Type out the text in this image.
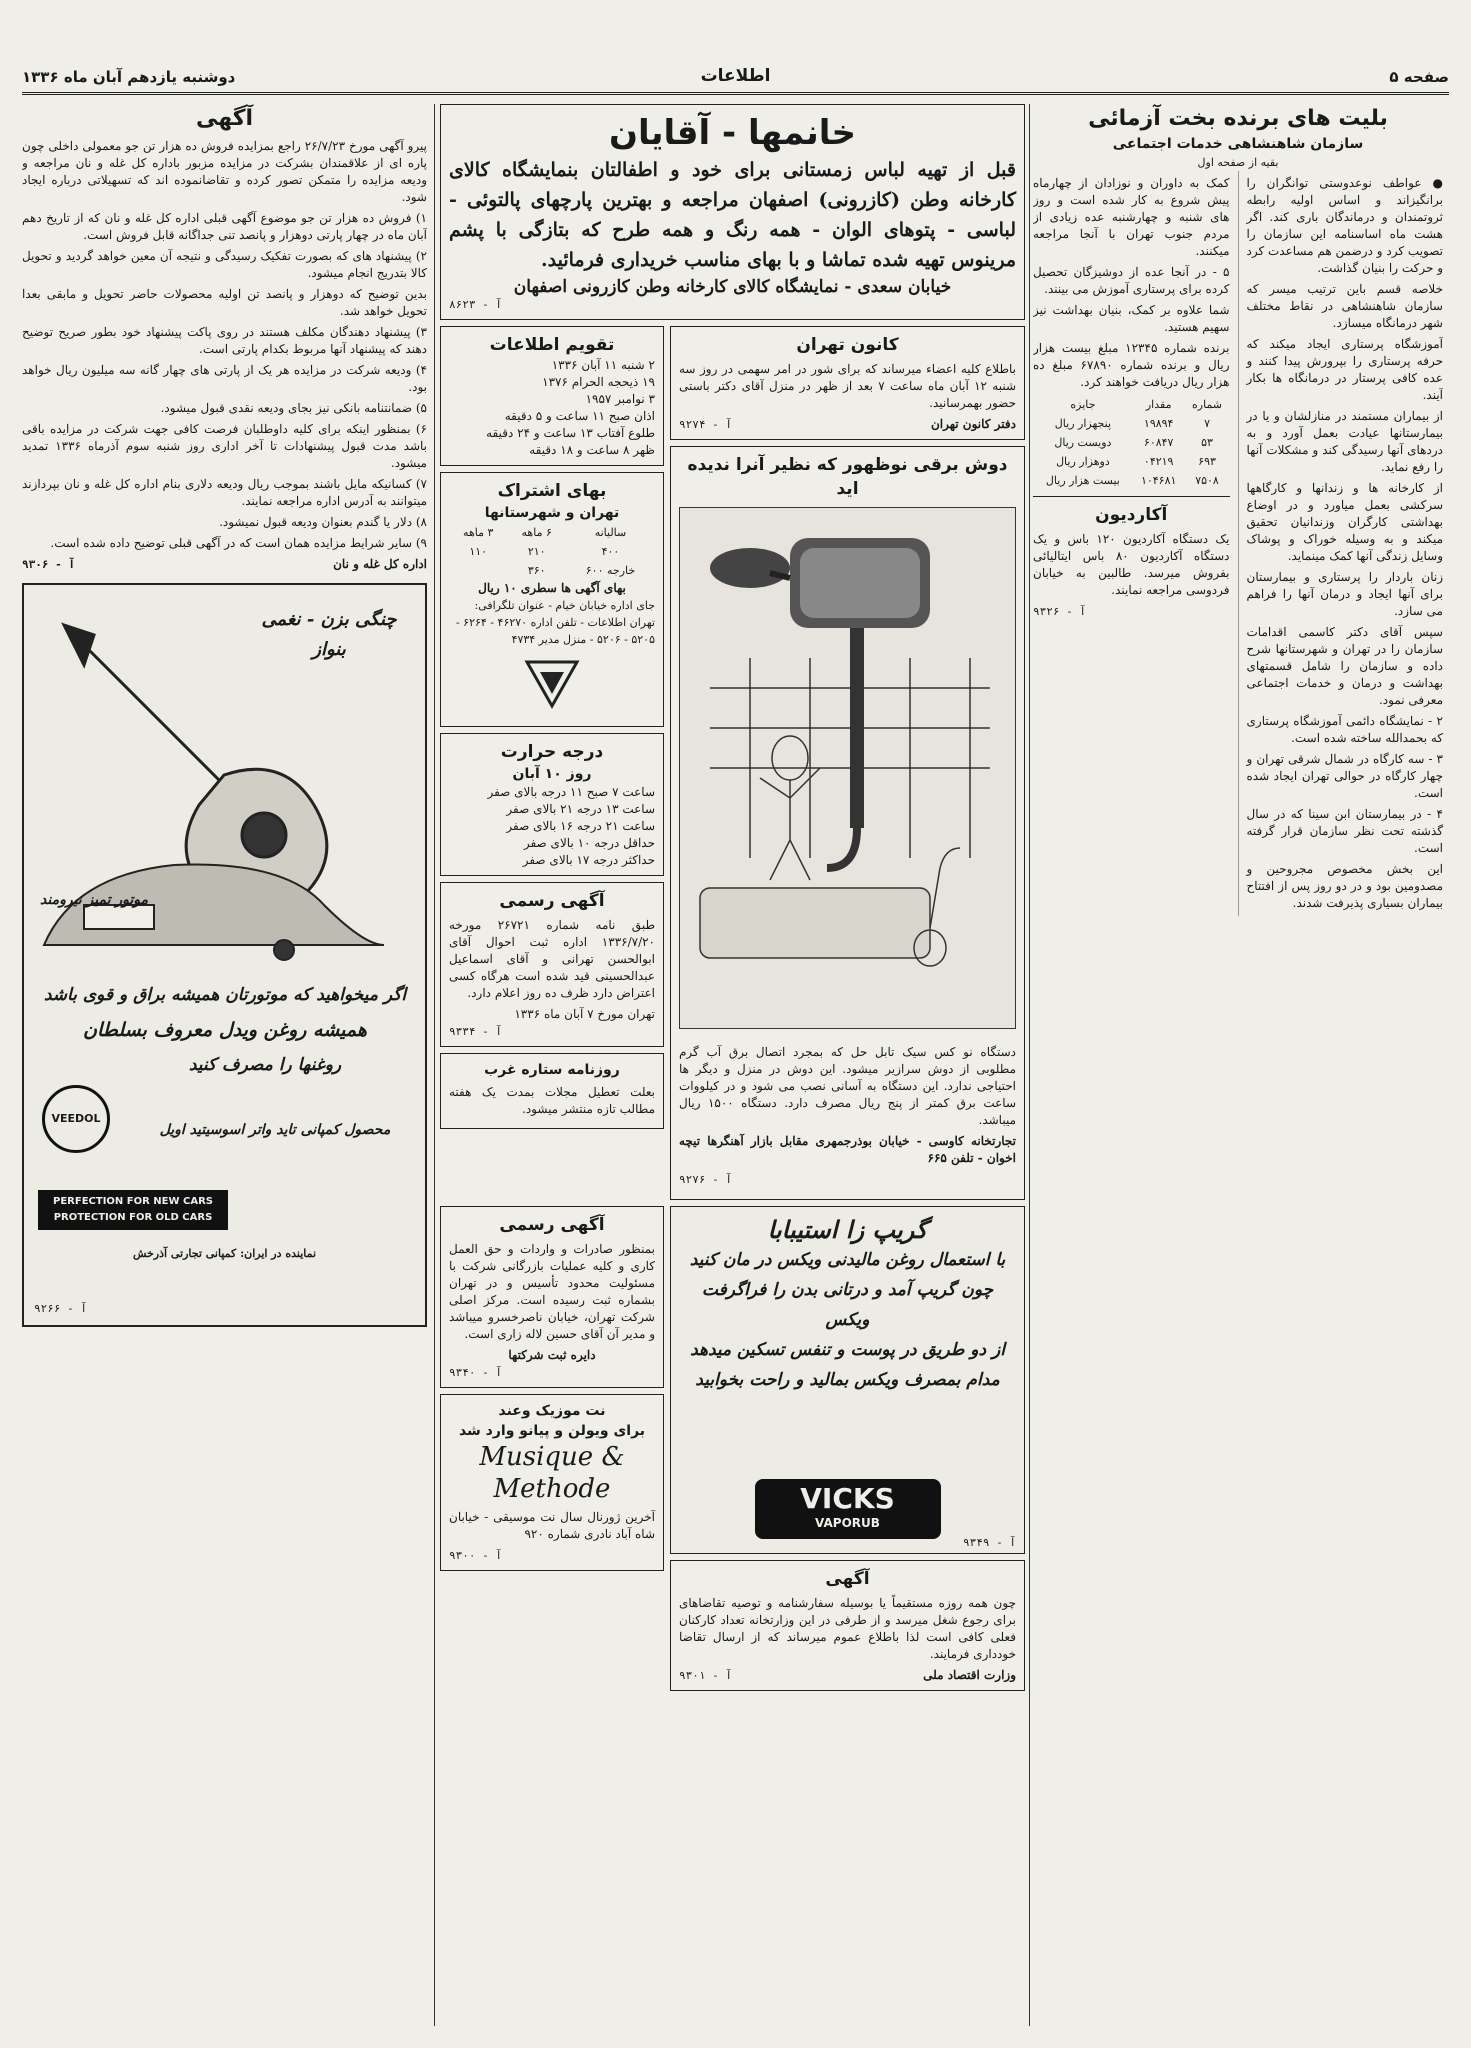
صفحه ۵
اطلاعات
دوشنبه یازدهم آبان ماه ۱۳۳۶
بلیت های برنده بخت آزمائی
سازمان شاهنشاهی خدمات اجتماعی
بقیه از صفحه اول

● عواطف نوعدوستی توانگران را برانگیزاند و اساس اولیه رابطه ثروتمندان و درماندگان باری کند. اگر هشت ماه اساسنامه این سازمان را تصویب کرد و درضمن هم مساعدت کرد و حرکت را بنیان گذاشت.

خلاصه قسم باین ترتیب میسر که سازمان شاهنشاهی در نقاط مختلف شهر درمانگاه میسازد.

آموزشگاه پرستاری ایجاد میکند که حرفه پرستاری را بپرورش پیدا کنند و عده کافی پرستار در درمانگاه ها بکار آیند.

از بیماران مستمند در منازلشان و یا در بیمارستانها عیادت بعمل آورد و به دردهای آنها رسیدگی کند و مشکلات آنها را رفع نماید.

از کارخانه ها و زندانها و کارگاهها سرکشی بعمل میاورد و در اوضاع بهداشتی کارگران وزندانیان تحقیق میکند و به وسیله خوراک و پوشاک وسایل زندگی آنها کمک مینماید.

زنان باردار را پرستاری و بیمارستان برای آنها ایجاد و درمان آنها را فراهم می سازد.

سپس آقای دکتر کاسمی اقدامات سازمان را در تهران و شهرستانها شرح داده و سازمان را شامل قسمتهای بهداشت و درمان و خدمات اجتماعی معرفی نمود.

۲ - نمایشگاه دائمی آموزشگاه پرستاری که بحمدالله ساخته شده است.

۳ - سه کارگاه در شمال شرقی تهران و چهار کارگاه در حوالی تهران ایجاد شده است.

۴ - در بیمارستان ابن سینا که در سال گذشته تحت نظر سازمان قرار گرفته است.

این بخش مخصوص مجروحین و مصدومین بود و در دو روز پس از افتتاح بیماران بسیاری پذیرفت شدند.

کمک به داوران و نوزادان از چهارماه پیش شروع به کار شده است و روز های شنبه و چهارشنبه عده زیادی از مردم جنوب تهران با آنجا مراجعه میکنند.

۵ - در آنجا عده از دوشیزگان تحصیل کرده برای پرستاری آموزش می بینند.

شما علاوه بر کمک، بنیان بهداشت نیز سهیم هستید.

برنده شماره ۱۲۳۴۵ مبلغ بیست هزار ریال و برنده شماره ۶۷۸۹۰ مبلغ ده هزار ریال دریافت خواهند کرد.

شماره	مقدار	جایزه
۷	۱۹۸۹۴	پنجهزار ریال
۵۳	۶۰۸۴۷	دویست ریال
۶۹۳	۰۴۲۱۹	دوهزار ریال
۷۵۰۸	۱۰۴۶۸۱	بیست هزار ریال
آکاردیون

یک دستگاه آکاردیون ۱۲۰ باس و یک دستگاه آکاردیون ۸۰ باس ایتالیائی بفروش میرسد. طالبین به خیابان فردوسی مراجعه نمایند.

آ - ۹۳۲۶
خانمها - آقایان
قبل از تهیه لباس زمستانی برای خود و اطفالتان بنمایشگاه کالای کارخانه وطن (کازرونی) اصفهان مراجعه و بهترین پارچهای پالتوئی - لباسی - پتوهای الوان - همه رنگ و همه طرح که بتازگی با پشم مرینوس تهیه شده تماشا و با بهای مناسب خریداری فرمائید.
خیابان سعدی - نمایشگاه کالای کارخانه وطن کازرونی اصفهان
آ - ۸۶۲۳
کانون تهران

باطلاع کلیه اعضاء میرساند که برای شور در امر سهمی در روز سه شنبه ۱۲ آبان ماه ساعت ۷ بعد از ظهر در منزل آقای دکتر باستی حضور بهمرسانید.

دفتر کانون تهران
آ - ۹۲۷۴
دوش برقی نوظهور که نظیر آنرا ندیده اید

دستگاه نو کس سیک تابل حل که بمجرد اتصال برق آب گرم مطلوبی از دوش سرازیر میشود. این دوش در منزل و دیگر ها احتیاجی ندارد. این دستگاه به آسانی نصب می شود و در کیلووات ساعت برق کمتر از پنج ریال مصرف دارد. دستگاه ۱۵۰۰ ریال میباشد.

تجارتخانه کاوسی - خیابان بوذرجمهری مقابل بازار آهنگرها تیچه اخوان - تلفن ۶۶۵

آ - ۹۲۷۶
تقویم اطلاعات
۲ شنبه ۱۱ آبان ۱۳۳۶
۱۹ ذیحجه الحرام ۱۳۷۶
۳ نوامبر ۱۹۵۷
اذان صبح ۱۱ ساعت و ۵ دقیقه
طلوع آفتاب ۱۳ ساعت و ۲۴ دقیقه
ظهر ۸ ساعت و ۱۸ دقیقه
بهای اشتراک
تهران و شهرستانها
سالیانه	۶ ماهه	۳ ماهه
۴۰۰	۲۱۰	۱۱۰
خارجه ۶۰۰	۳۶۰	
بهای آگهی ها سطری ۱۰ ریال
جای اداره خیابان خیام - عنوان تلگرافی: تهران اطلاعات - تلفن اداره ۴۶۲۷۰ - ۶۲۶۴ - ۵۲۰۵ - ۵۲۰۶ - منزل مدیر ۴۷۳۴
درجه حرارت
روز ۱۰ آبان
ساعت ۷ صبح ۱۱ درجه بالای صفر
ساعت ۱۳ درجه ۲۱ بالای صفر
ساعت ۲۱ درجه ۱۶ بالای صفر
حداقل درجه ۱۰ بالای صفر
حداکثر درجه ۱۷ بالای صفر
آگهی رسمی

طبق نامه شماره ۲۶۷۲۱ مورخه ۱۳۳۶/۷/۲۰ اداره ثبت احوال آقای ابوالحسن تهرانی و آقای اسماعیل عبدالحسینی قید شده است هرگاه کسی اعتراض دارد ظرف ده روز اعلام دارد.

تهران مورخ ۷ آبان ماه ۱۳۳۶
آ - ۹۳۳۴
روزنامه ستاره غرب

بعلت تعطیل مجلات بمدت یک هفته مطالب تازه منتشر میشود.

گریپ زا استیبابا
با استعمال روغن مالیدنی ویکس در مان کنید
چون گریپ آمد و درتانی بدن را فراگرفت ویکس
از دو طریق در پوست و تنفس تسکین میدهد
مدام بمصرف ویکس بمالید و راحت بخوابید
VICKS
VAPORUB
آ - ۹۳۴۹
آگهی

چون همه روزه مستقیماً یا بوسیله سفارشنامه و توصیه تقاضاهای برای رجوع شغل میرسد و از طرفی در این وزارتخانه تعداد کارکنان فعلی کافی است لذا باطلاع عموم میرساند که از ارسال تقاضا خودداری فرمایند.

وزارت اقتصاد ملی
آ - ۹۳۰۱
آگهی رسمی

بمنظور صادرات و واردات و حق العمل کاری و کلیه عملیات بازرگانی شرکت با مسئولیت محدود تأسیس و در تهران بشماره ثبت رسیده است. مرکز اصلی شرکت تهران، خیابان ناصرخسرو میباشد و مدیر آن آقای حسین لاله زاری است.

دایره ثبت شرکتها
آ - ۹۳۴۰
نت موزیک وعند
برای ویولن و پیانو وارد شد
Musique &
Methode

آخرین ژورنال سال نت موسیقی - خیابان شاه آباد نادری شماره ۹۲۰

آ - ۹۳۰۰
آگهی

پیرو آگهی مورخ ۲۶/۷/۲۳ راجع بمزایده فروش ده هزار تن جو معمولی داخلی چون پاره ای از علاقمندان بشرکت در مزایده مزبور باداره کل غله و نان مراجعه و ودیعه مزایده را متمکن تصور کرده و تقاضانموده اند که تسهیلاتی درباره ایجاد شود.

۱) فروش ده هزار تن جو موضوع آگهی قبلی اداره کل غله و نان که از تاریخ دهم آبان ماه در چهار پارتی دوهزار و پانصد تنی جداگانه قابل فروش است.

۲) پیشنهاد های که بصورت تفکیک رسیدگی و نتیجه آن معین خواهد گردید و تحویل کالا بتدریج انجام میشود.

بدین توضیح که دوهزار و پانصد تن اولیه محصولات حاضر تحویل و مابقی بعدا تحویل خواهد شد.

۳) پیشنهاد دهندگان مکلف هستند در روی پاکت پیشنهاد خود بطور صریح توضیح دهند که پیشنهاد آنها مربوط بکدام پارتی است.

۴) ودیعه شرکت در مزایده هر یک از پارتی های چهار گانه سه میلیون ریال خواهد بود.

۵) ضمانتنامه بانکی نیز بجای ودیعه نقدی قبول میشود.

۶) بمنظور اینکه برای کلیه داوطلبان فرصت کافی جهت شرکت در مزایده باقی باشد مدت قبول پیشنهادات تا آخر اداری روز شنبه سوم آذرماه ۱۳۳۶ تمدید میشود.

۷) کسانیکه مایل باشند بموجب ریال ودیعه دلاری بنام اداره کل غله و نان بپردازند میتوانند به آدرس اداره مراجعه نمایند.

۸) دلار یا گندم بعنوان ودیعه قبول نمیشود.

۹) سایر شرایط مزایده همان است که در آگهی قبلی توضیح داده شده است.

اداره کل غله و نان
آ - ۹۳۰۶
چنگی بزن - نغمی بنواز
موتور تمیز نیرومند
اگر میخواهید که موتورتان همیشه براق و قوی باشد
همیشه روغن ویدل معروف بسلطان
روغنها را مصرف کنید
محصول کمپانی تاید واتر اسوسیتید اویل
VEEDOL
PERFECTION FOR NEW CARS
PROTECTION FOR OLD CARS
نماینده در ایران: کمپانی تجارتی آذرخش
آ - ۹۲۶۶
